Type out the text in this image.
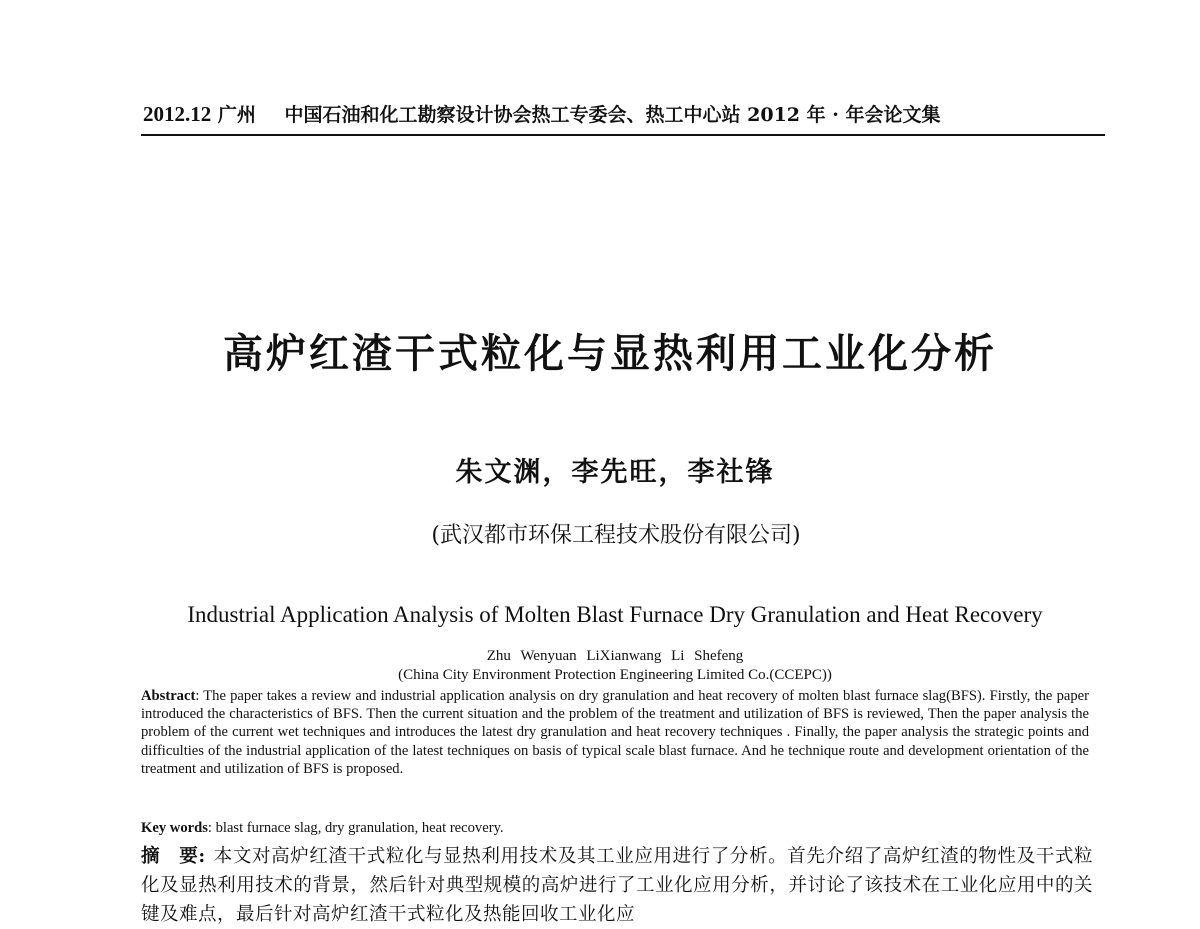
2012.12 广州 中国石油和化工勘察设计协会热工专委会、热工中心站 2012 年 · 年会论文集
高炉红渣干式粒化与显热利用工业化分析
朱文渊，李先旺，李社锋
(武汉都市环保工程技术股份有限公司)
Industrial Application Analysis of Molten Blast Furnace Dry Granulation and Heat Recovery
Zhu Wenyuan LiXianwang Li Shefeng
(China City Environment Protection Engineering Limited Co.(CCEPC))

Abstract: The paper takes a review and industrial application analysis on dry granulation and heat recovery of molten blast furnace slag(BFS). Firstly, the paper introduced the characteristics of BFS. Then the current situation and the problem of the treatment and utilization of BFS is reviewed, Then the paper analysis the problem of the current wet techniques and introduces the latest dry granulation and heat recovery techniques . Finally, the paper analysis the strategic points and difficulties of the industrial application of the latest techniques on basis of typical scale blast furnace. And he technique route and development orientation of the treatment and utilization of BFS is proposed.

Key words: blast furnace slag, dry granulation, heat recovery.

摘　要: 本文对高炉红渣干式粒化与显热利用技术及其工业应用进行了分析。首先介绍了高炉红渣的物性及干式粒化及显热利用技术的背景，然后针对典型规模的高炉进行了工业化应用分析，并讨论了该技术在工业化应用中的关键及难点，最后针对高炉红渣干式粒化及热能回收工业化应
